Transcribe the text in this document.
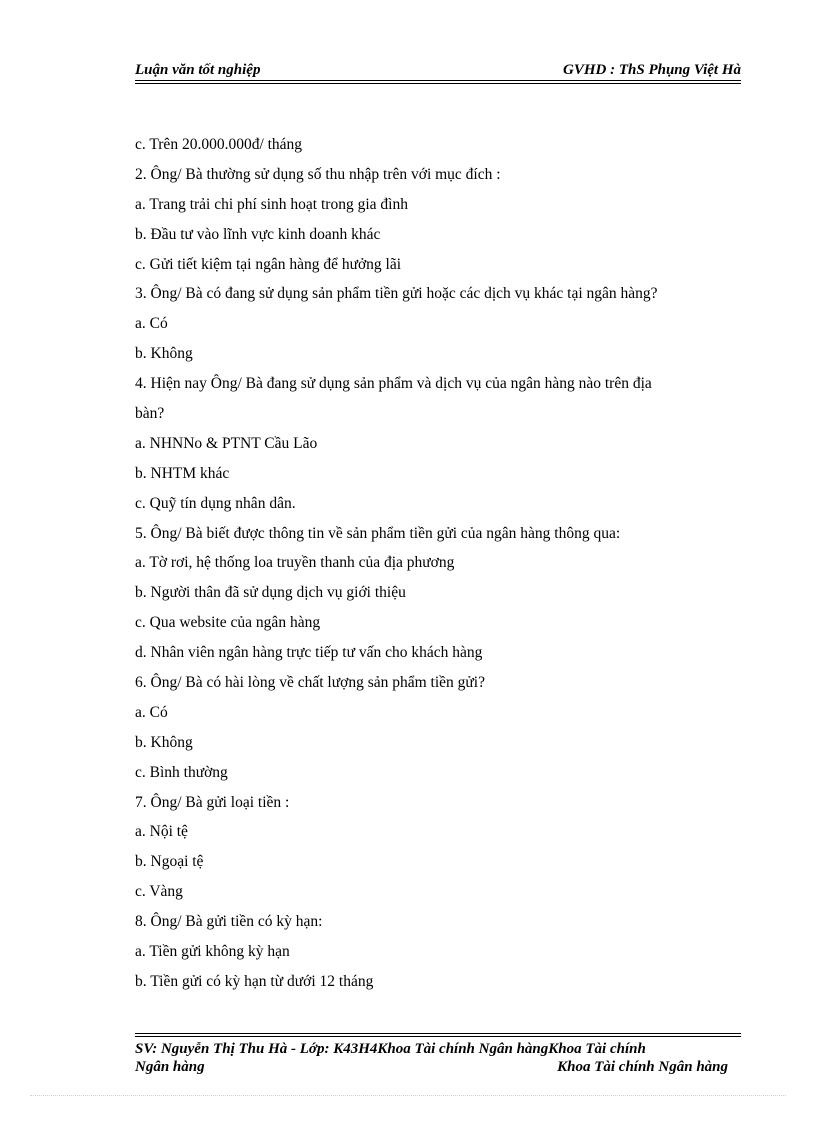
Luận văn tốt nghiệp	GVHD : ThS Phụng Việt Hà
c. Trên 20.000.000đ/ tháng
2. Ông/ Bà thường sử dụng số thu nhập trên với mục đích :
a. Trang trải chi phí sinh hoạt trong gia đình
b. Đầu tư vào lĩnh vực kinh doanh khác
c. Gửi tiết kiệm tại ngân hàng để hưởng lãi
3. Ông/ Bà có đang sử dụng sản phẩm tiền gửi hoặc các dịch vụ khác tại ngân hàng?
a. Có
b. Không
4. Hiện nay Ông/ Bà đang sử dụng sản phẩm và dịch vụ của ngân hàng nào trên địa
bàn?
a. NHNNo & PTNT Cầu Lão
b. NHTM khác
c. Quỹ tín dụng nhân dân.
5. Ông/ Bà biết được thông tin về sản phẩm tiền gửi của ngân hàng thông qua:
a. Tờ rơi, hệ thống loa truyền thanh của địa phương
b. Người thân đã sử dụng dịch vụ giới thiệu
c. Qua website của ngân hàng
d. Nhân viên ngân hàng trực tiếp tư vấn cho khách hàng
6. Ông/ Bà có hài lòng về chất lượng sản phẩm tiền gửi?
a. Có
b. Không
c. Bình thường
7. Ông/ Bà gửi loại tiền :
a. Nội tệ
b. Ngoại tệ
c. Vàng
8. Ông/ Bà gửi tiền có kỳ hạn:
a. Tiền gửi không kỳ hạn
b. Tiền gửi có kỳ hạn từ dưới 12 tháng
SV: Nguyễn Thị Thu Hà - Lớp: K43H4Khoa Tài chính Ngân hàngKhoa Tài chính
Ngân hàng	Khoa Tài chính Ngân hàng
